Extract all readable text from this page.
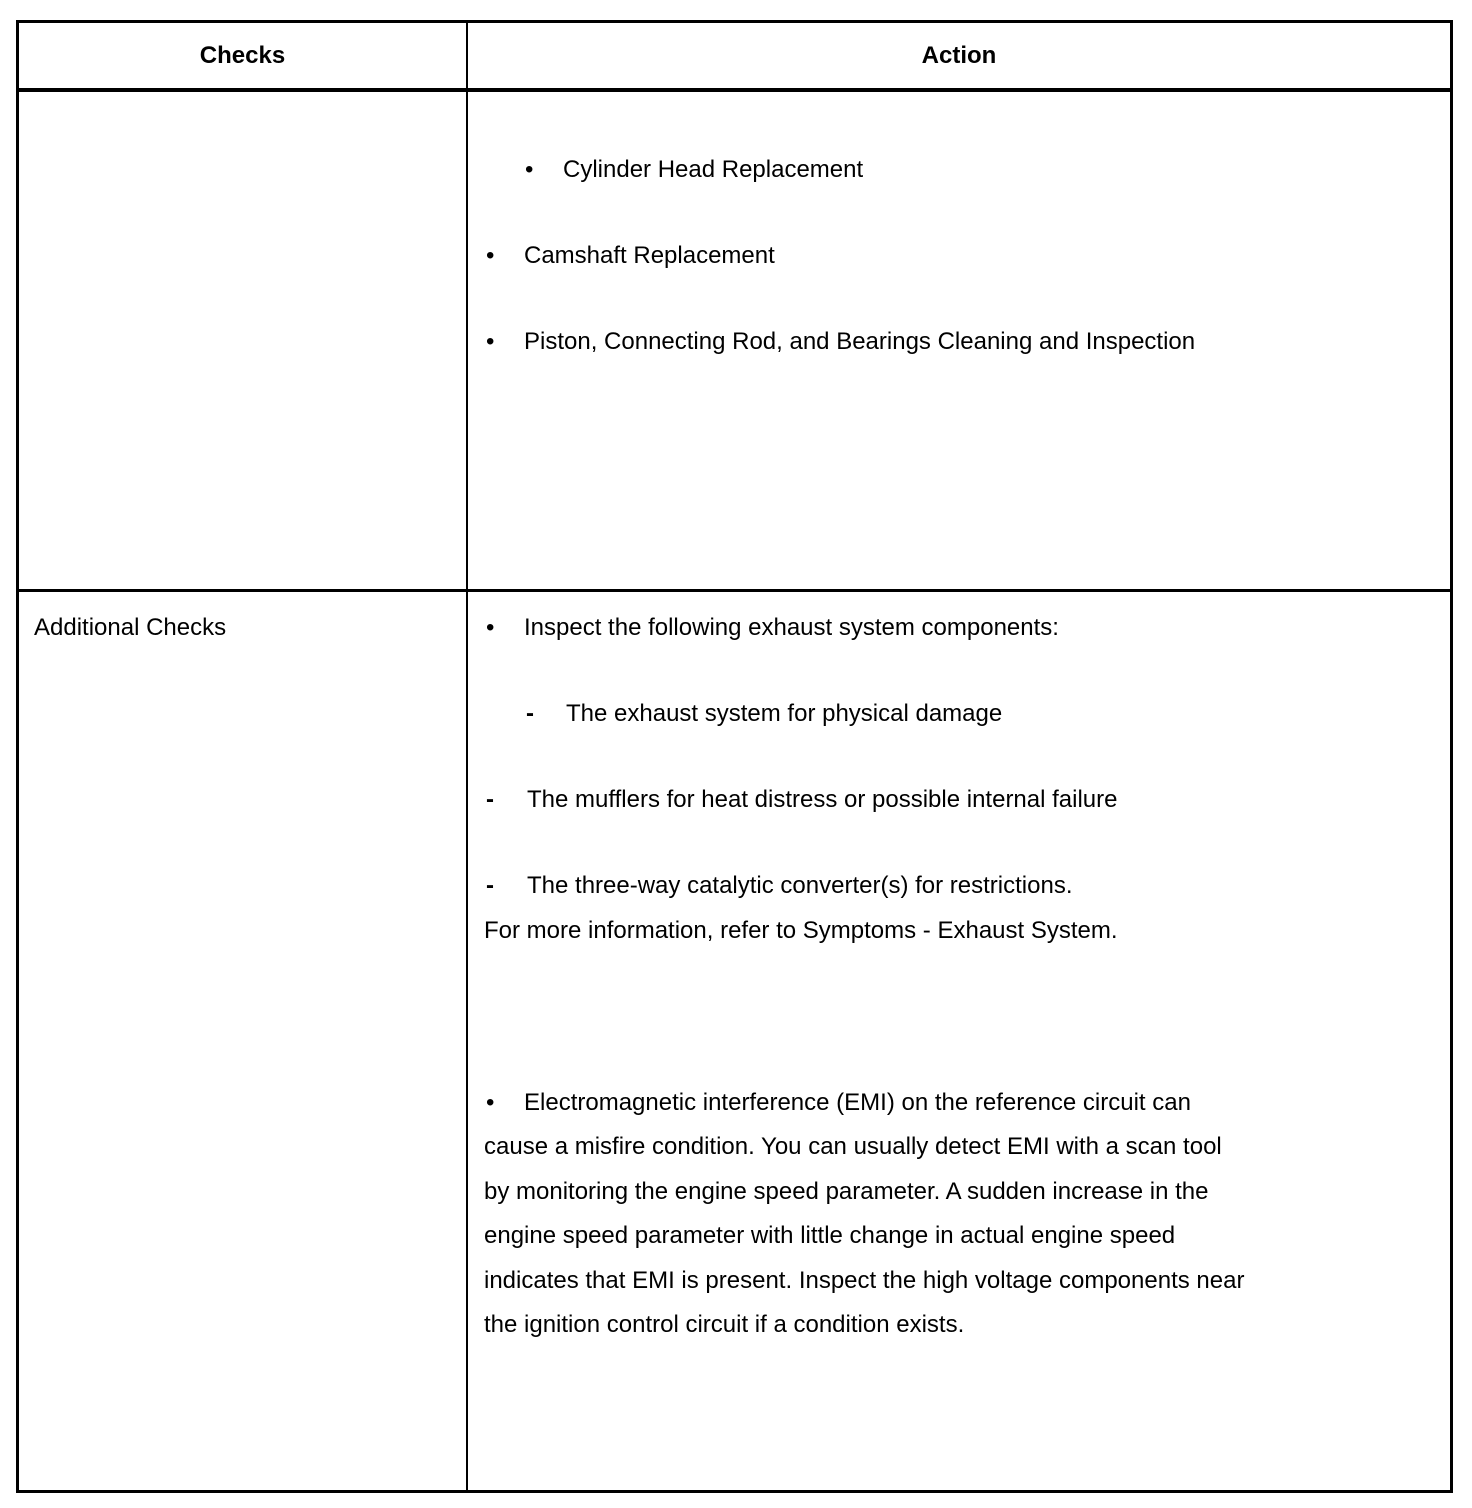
Checks	Action
• Cylinder Head Replacement
• Camshaft Replacement
• Piston, Connecting Rod, and Bearings Cleaning and Inspection
Additional Checks	• Inspect the following exhaust system components:
- The exhaust system for physical damage
- The mufflers for heat distress or possible internal failure
- The three-way catalytic converter(s) for restrictions.
For more information, refer to Symptoms - Exhaust System.
• Electromagnetic interference (EMI) on the reference circuit can
cause a misfire condition. You can usually detect EMI with a scan tool
by monitoring the engine speed parameter. A sudden increase in the
engine speed parameter with little change in actual engine speed
indicates that EMI is present. Inspect the high voltage components near
the ignition control circuit if a condition exists.
